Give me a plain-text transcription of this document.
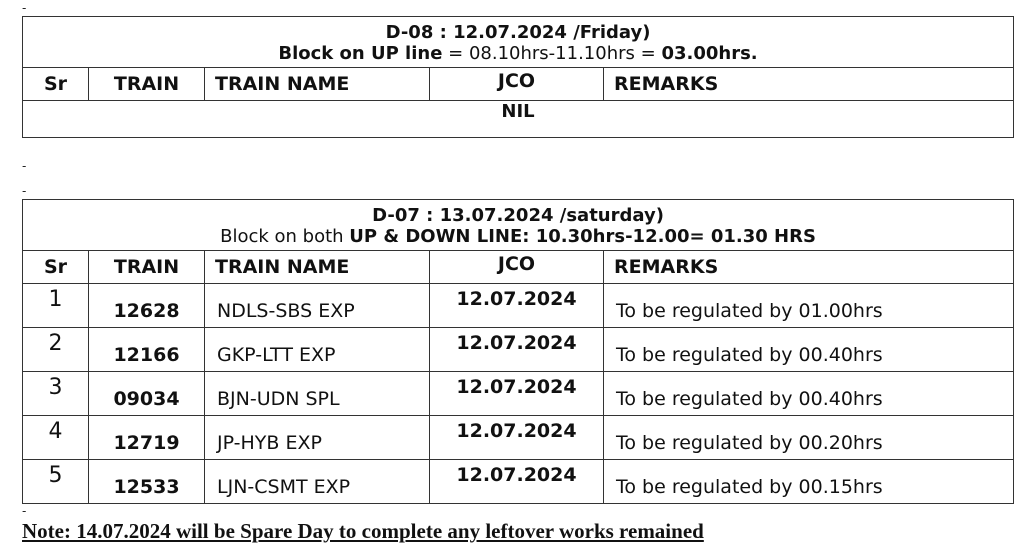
-
D-08 : 12.07.2024 /Friday)
Block on UP line = 08.10hrs-11.10hrs = 03.00hrs.

Sr	TRAIN	TRAIN NAME	JCO	REMARKS
NIL
-
-
D-07 : 13.07.2024 /saturday)
Block on both UP & DOWN LINE: 10.30hrs-12.00= 01.30 HRS				

Sr	TRAIN	TRAIN NAME	JCO	REMARKS
1	12628	NDLS-SBS EXP	12.07.2024	To be regulated by 01.00hrs
2	12166	GKP-LTT EXP	12.07.2024	To be regulated by 00.40hrs
3	09034	BJN-UDN SPL	12.07.2024	To be regulated by 00.40hrs
4	12719	JP-HYB EXP	12.07.2024	To be regulated by 00.20hrs
5	12533	LJN-CSMT EXP	12.07.2024	To be regulated by 00.15hrs
-
Note: 14.07.2024 will be Spare Day to complete any leftover works remained
